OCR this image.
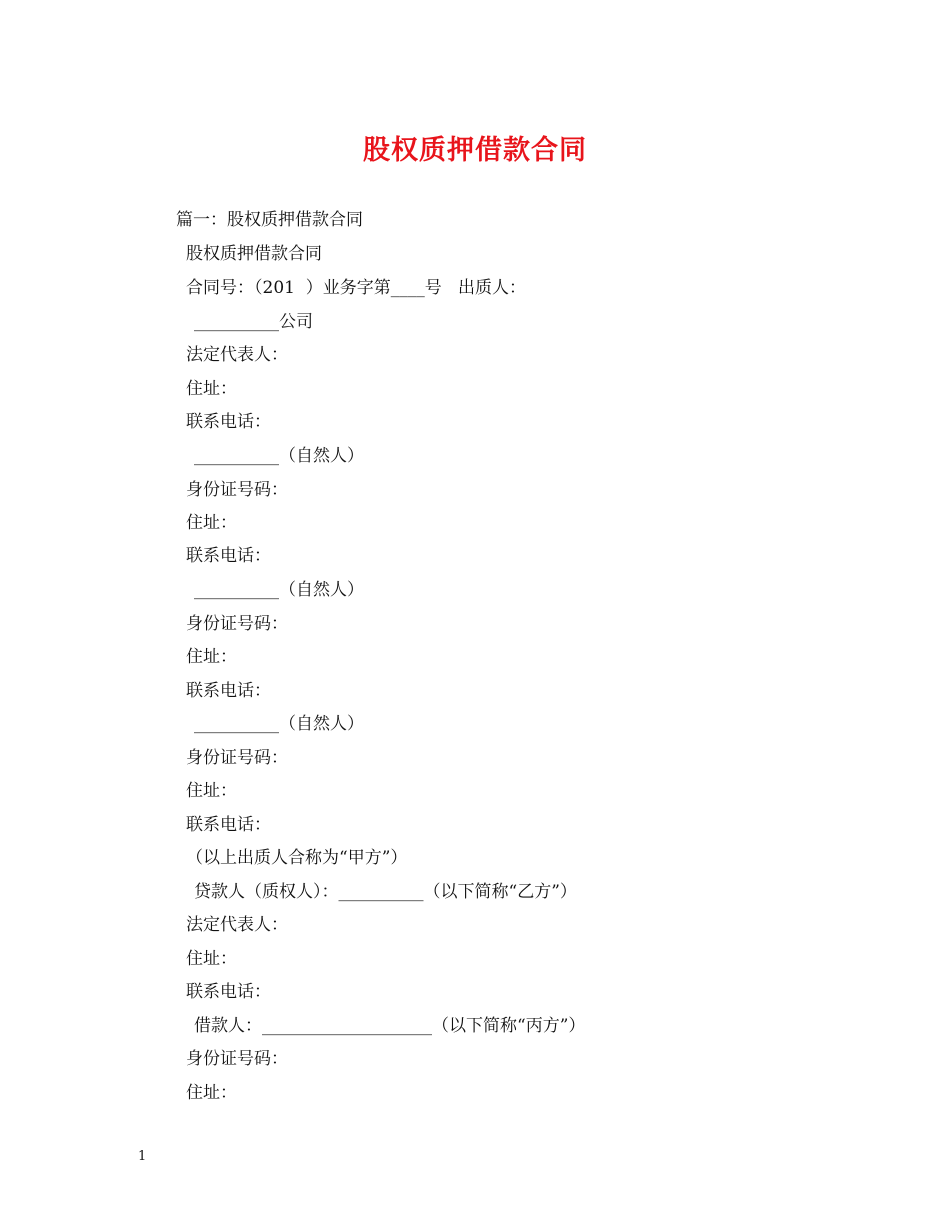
股权质押借款合同
篇一：股权质押借款合同
股权质押借款合同
合同号：（201  ）业务字第____号   出质人：
__________公司
法定代表人：
住址：
联系电话：
__________（自然人）
身份证号码：
住址：
联系电话：
__________（自然人）
身份证号码：
住址：
联系电话：
__________（自然人）
身份证号码：
住址：
联系电话：
（以上出质人合称为“甲方”）
贷款人（质权人）：__________（以下简称“乙方”）
法定代表人：
住址：
联系电话：
借款人：____________________（以下简称“丙方”）
身份证号码：
住址：
1
